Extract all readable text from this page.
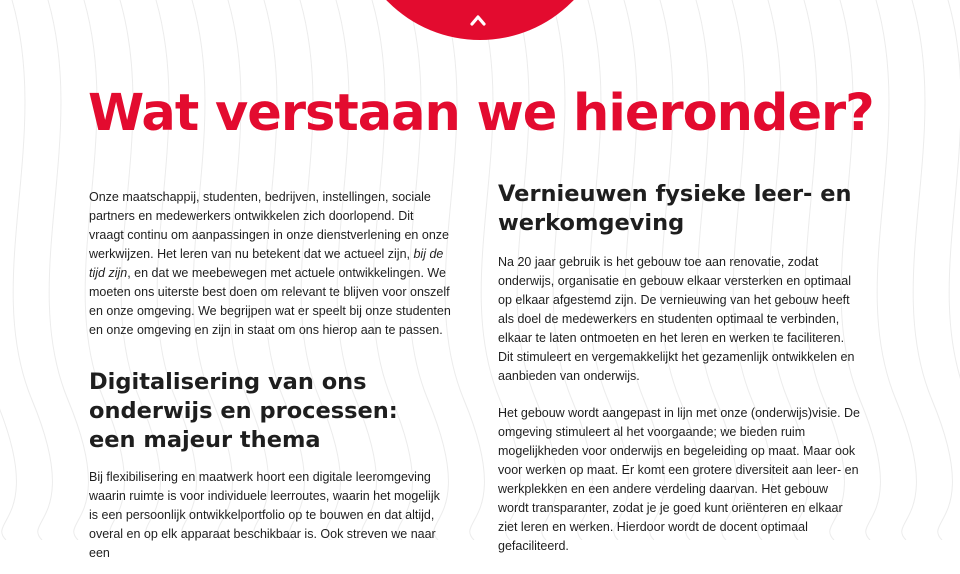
Wat verstaan we hieronder?

Onze maatschappij, studenten, bedrijven, instellingen, sociale partners en medewerkers ontwikkelen zich doorlopend. Dit vraagt continu om aanpassingen in onze dienstverlening en onze werkwijzen. Het leren van nu betekent dat we actueel zijn, bij de tijd zijn, en dat we meebewegen met actuele ontwikkelingen. We moeten ons uiterste best doen om relevant te blijven voor onszelf en onze omgeving. We begrijpen wat er speelt bij onze studenten en onze omgeving en zijn in staat om ons hierop aan te passen.

Digitalisering van ons onderwijs en processen: een majeur thema

Bij flexibilisering en maatwerk hoort een digitale leeromgeving waarin ruimte is voor individuele leerroutes, waarin het mogelijk is een persoonlijk ontwikkelportfolio op te bouwen en dat altijd, overal en op elk apparaat beschikbaar is. Ook streven we naar een

Vernieuwen fysieke leer- en werkomgeving

Na 20 jaar gebruik is het gebouw toe aan renovatie, zodat onderwijs, organisatie en gebouw elkaar versterken en optimaal op elkaar afgestemd zijn. De vernieuwing van het gebouw heeft als doel de medewerkers en studenten optimaal te verbinden, elkaar te laten ontmoeten en het leren en werken te faciliteren. Dit stimuleert en vergemakkelijkt het gezamenlijk ontwikkelen en aanbieden van onderwijs.

Het gebouw wordt aangepast in lijn met onze (onderwijs)visie. De omgeving stimuleert al het voorgaande; we bieden ruim mogelijkheden voor onderwijs en begeleiding op maat. Maar ook voor werken op maat. Er komt een grotere diversiteit aan leer- en werkplekken en een andere verdeling daarvan. Het gebouw wordt transparanter, zodat je je goed kunt oriënteren en elkaar ziet leren en werken. Hierdoor wordt de docent optimaal gefaciliteerd.
